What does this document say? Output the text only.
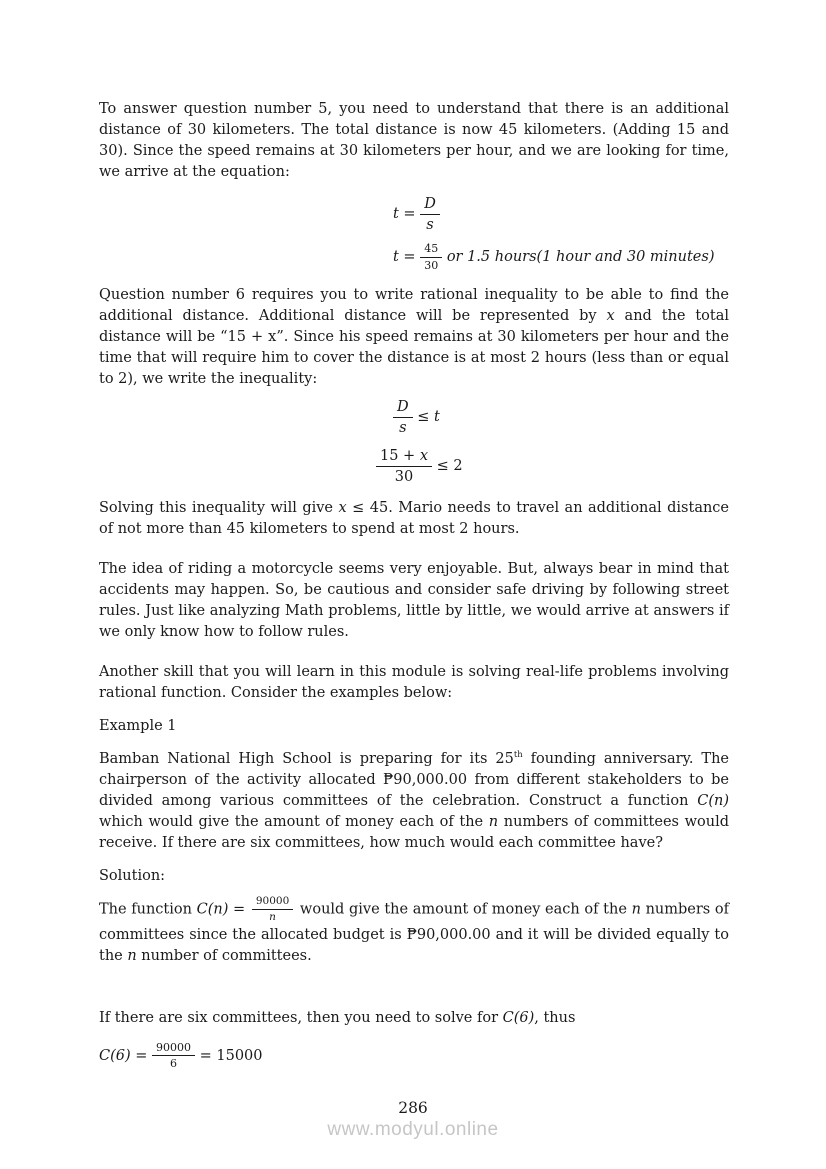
To answer question number 5, you need to understand that there is an additional distance of 30 kilometers. The total distance is now 45 kilometers. (Adding 15 and 30). Since the speed remains at 30 kilometers per hour, and we are looking for time, we arrive at the equation:

$t = \frac{D}{s}$
$t = \frac{45}{30}$ or 1.5 hours(1 hour and 30 minutes)

Question number 6 requires you to write rational inequality to be able to find the additional distance. Additional distance will be represented by x and the total distance will be “15 + x”. Since his speed remains at 30 kilometers per hour and the time that will require him to cover the distance is at most 2 hours (less than or equal to 2), we write the inequality:

$\frac{D}{s} \le t$
$\frac{15 + x}{30} \le 2$

Solving this inequality will give x ≤ 45. Mario needs to travel an additional distance of not more than 45 kilometers to spend at most 2 hours.

The idea of riding a motorcycle seems very enjoyable. But, always bear in mind that accidents may happen. So, be cautious and consider safe driving by following street rules. Just like analyzing Math problems, little by little, we would arrive at answers if we only know how to follow rules.

Another skill that you will learn in this module is solving real-life problems involving rational function. Consider the examples below:

Example 1

Bamban National High School is preparing for its 25th founding anniversary. The chairperson of the activity allocated ₱90,000.00 from different stakeholders to be divided among various committees of the celebration. Construct a function C(n) which would give the amount of money each of the n numbers of committees would receive. If there are six committees, how much would each committee have?

Solution:

The function $C(n) = \frac{90000}{n}$ would give the amount of money each of the n numbers of committees since the allocated budget is ₱90,000.00 and it will be divided equally to the n number of committees.

If there are six committees, then you need to solve for C(6), thus

$C(6) = \frac{90000}{6} = 15000$
286
www.modyul.online
